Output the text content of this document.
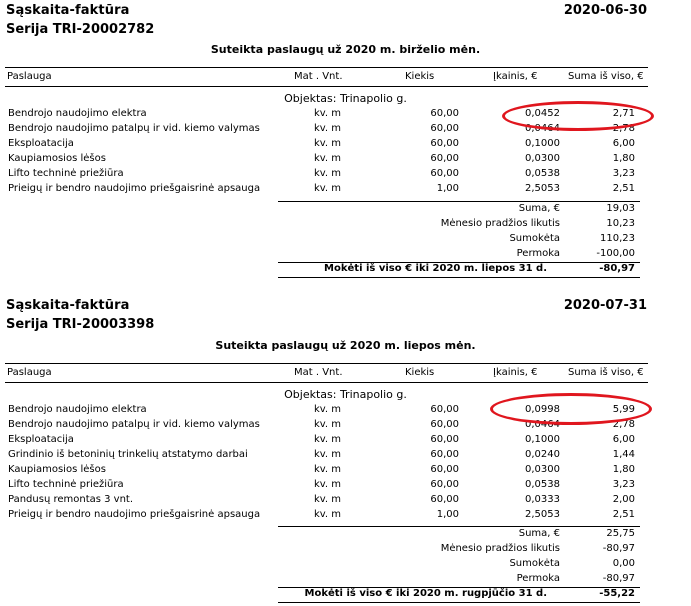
Sąskaita-faktūra
Serija TRI-20002782
2020-06-30
Suteikta paslaugų už 2020 m. birželio mėn.
Paslauga	Mat . Vnt.	Kiekis	Įkainis, €	Suma iš viso, €
Objektas: Trinapolio g.
Bendrojo naudojimo elektra	kv. m	60,00	0,0452	2,71
Bendrojo naudojimo patalpų ir vid. kiemo valymas	kv. m	60,00	0,0464	2,78
Eksploatacija	kv. m	60,00	0,1000	6,00
Kaupiamosios lėšos	kv. m	60,00	0,0300	1,80
Lifto techninė priežiūra	kv. m	60,00	0,0538	3,23
Prieigų ir bendro naudojimo priešgaisrinė apsauga	kv. m	1,00	2,5053	2,51
Suma, €	19,03
Mėnesio pradžios likutis	10,23
Sumokėta	110,23
Permoka	-100,00
Mokėti iš viso € iki 2020 m. liepos 31 d.	-80,97
Sąskaita-faktūra
Serija TRI-20003398
2020-07-31
Suteikta paslaugų už 2020 m. liepos mėn.
Paslauga	Mat . Vnt.	Kiekis	Įkainis, €	Suma iš viso, €
Objektas: Trinapolio g.
Bendrojo naudojimo elektra	kv. m	60,00	0,0998	5,99
Bendrojo naudojimo patalpų ir vid. kiemo valymas	kv. m	60,00	0,0464	2,78
Eksploatacija	kv. m	60,00	0,1000	6,00
Grindinio iš betoninių trinkelių atstatymo darbai	kv. m	60,00	0,0240	1,44
Kaupiamosios lėšos	kv. m	60,00	0,0300	1,80
Lifto techninė priežiūra	kv. m	60,00	0,0538	3,23
Pandusų remontas 3 vnt.	kv. m	60,00	0,0333	2,00
Prieigų ir bendro naudojimo priešgaisrinė apsauga	kv. m	1,00	2,5053	2,51
Suma, €	25,75
Mėnesio pradžios likutis	-80,97
Sumokėta	0,00
Permoka	-80,97
Mokėti iš viso € iki 2020 m. rugpjūčio 31 d.	-55,22
